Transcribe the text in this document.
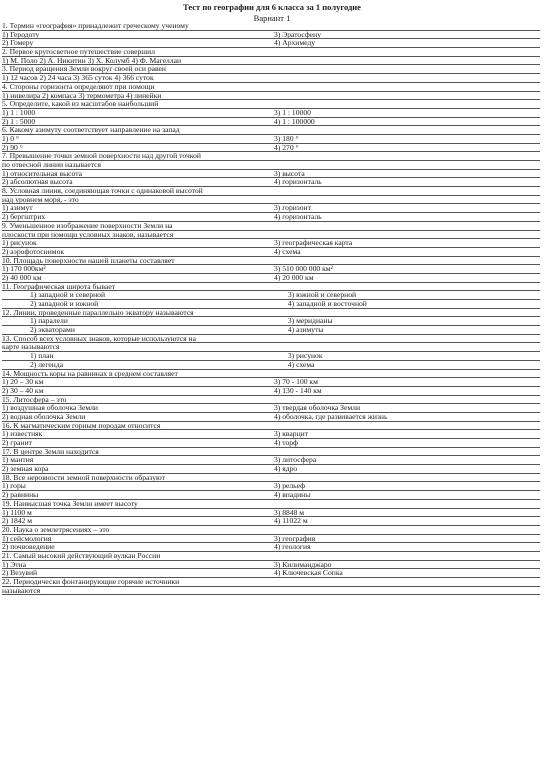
Тест по географии для 6 класса за 1 полугодие
Вариант 1
1. Термин «география» принадлежит греческому ученому
1) Геродоту	3) Эратосфену
2) Гомеру	4) Архимеду
2. Первое кругосветное путешествие совершил
1) М. Поло 2) А. Никитин 3) Х. Колумб 4) Ф. Магеллан
3. Период вращения Земли вокруг своей оси равен
1) 12 часов 2) 24 часа 3) 365 суток 4) 366 суток
4. Стороны горизонта определяют при помощи
1) нивелира 2) компаса 3) термометра 4) линейки
5. Определите, какой из масштабов наибольший
1) 1 : 1000	3) 1 : 10000
2) 1 : 5000	4) 1 : 100000
6. Какому азимуту соответствует направление на запад
1) 0 °	3) 180 °
2) 90 °	4) 270 °
7. Превышение точки земной поверхности над другой точкой
по отвесной линии называется
1) относительная высота	3) высота
2) абсолютная высота	4) горизонталь
8. Условная линия, соединяющая точки с одинаковой высотой
над уровнем моря, - это
1) азимут	3) горизонт
2) бергштрих	4) горизонталь
9. Уменьшенное изображение поверхности Земли на
плоскости при помощи условных знаков, называется
1) рисунок	3) географическая карта
2) аэрофотоснимок	4) схема
10. Площадь поверхности нашей планеты составляет
1) 170 000км²	3) 510 000 000 км²
2) 40 000 км	4) 20 000 км
11. Географическая широта бывает
1) западной и северной	3) южной и северной
2) западной и южной	4) западной и восточной
12. Линии, проведенные параллельно экватору называются
1) паралели	3) меридианы
2) экваторами	4) азимуты
13. Способ всех условных знаков, которые используются на
карте называются
1) план	3) рисунок
2) легенда	4) схема
14. Мощность коры на равнинах в среднем составляет
1) 20 – 30 км	3) 70 - 100 км
2) 30 – 40 км	4) 130 - 140 км
15. Литосфера – это
1) воздушная оболочка Земли	3) твердая оболочка Земли
2) водная оболочка Земли	4) оболочка, где развивается жизнь
16. К магматическим горным породам относится
1) известняк	3) кварцит
2) гранит	4) торф
17. В центре Земли находится
1) мантия	3) литосфера
2) земная кора	4) ядро
18. Все неровности земной поверхности образуют
1) горы	3) рельеф
2) равнины	4) впадины
19. Наивысшая точка Земли имеет высоту
1) 1100 м	3) 8848 м
2) 1842 м	4) 11022 м
20. Наука о землетрясениях – это
1) сейсмология	3) география
2) почвоведение	4) геология
21. Самый высокий действующий вулкан России
1) Этна	3) Килиманджаро
2) Везувий	4) Ключевская Сопка
22. Периодически фонтанирующие горячие источники
называются
